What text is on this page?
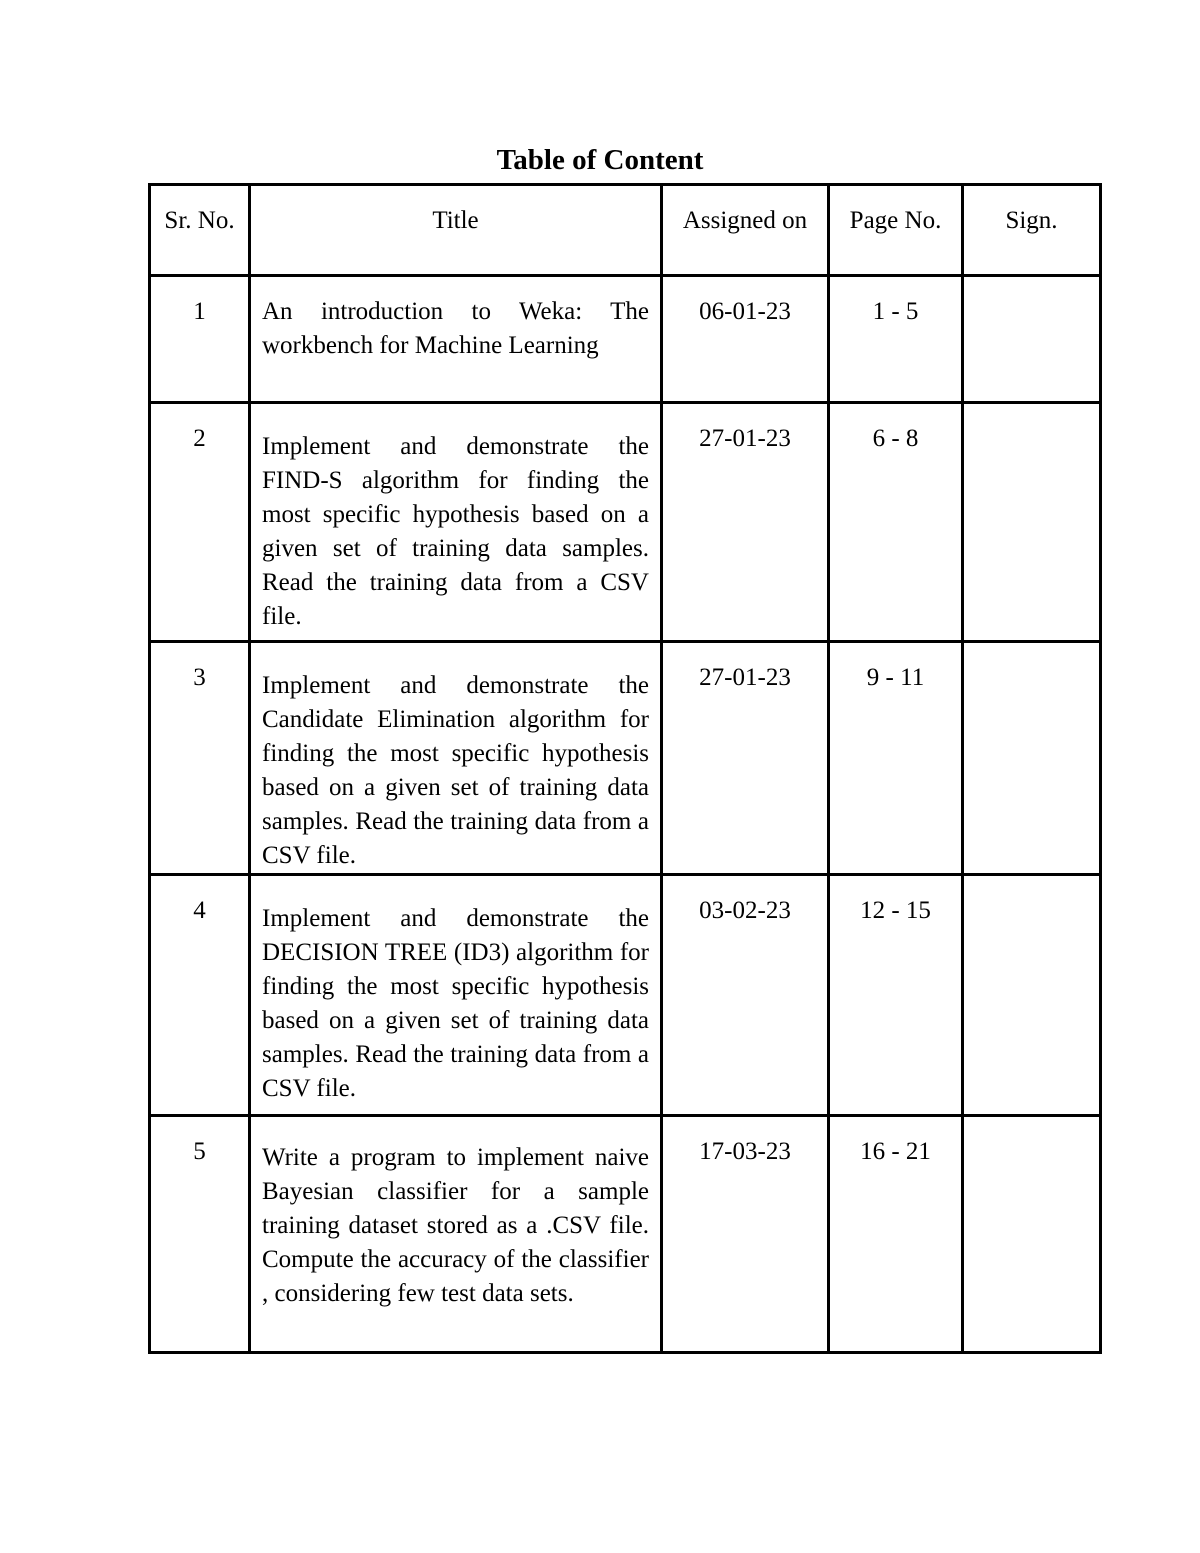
Table of Content
Sr. No.	Title	Assigned on	Page No.	Sign.
1	An introduction to Weka: The workbench for Machine Learning	06-01-23	1 - 5	
2	Implement and demonstrate the FIND-S algorithm for finding the most specific hypothesis based on a given set of training data samples. Read the training data from a CSV file.	27-01-23	6 - 8	
3	Implement and demonstrate the Candidate Elimination algorithm for finding the most specific hypothesis based on a given set of training data samples. Read the training data from a CSV file.	27-01-23	9 - 11	
4	Implement and demonstrate the DECISION TREE (ID3) algorithm for finding the most specific hypothesis based on a given set of training data samples. Read the training data from a CSV file.	03-02-23	12 - 15	
5	Write a program to implement naive Bayesian classifier for a sample training dataset stored as a .CSV file. Compute the accuracy of the classifier , considering few test data sets.	17-03-23	16 - 21	
